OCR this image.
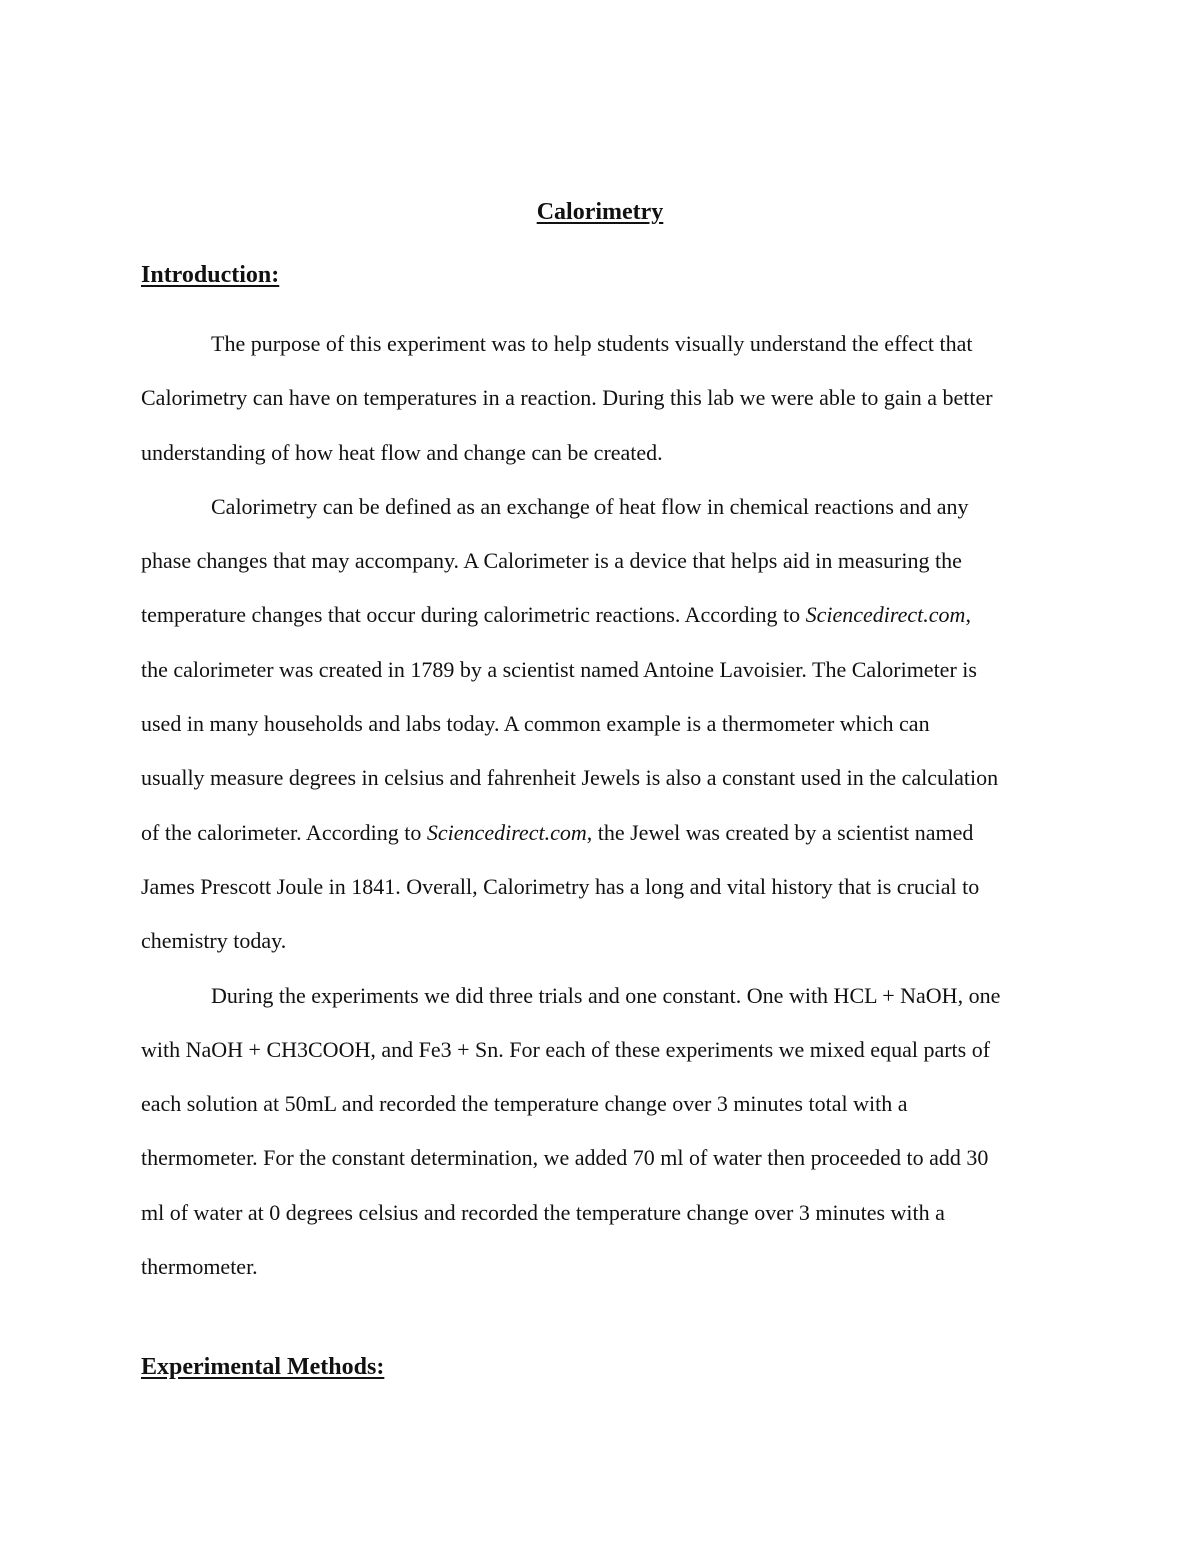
Calorimetry
Introduction:
The purpose of this experiment was to help students visually understand the effect that
Calorimetry can have on temperatures in a reaction. During this lab we were able to gain a better
understanding of how heat flow and change can be created.
Calorimetry can be defined as an exchange of heat flow in chemical reactions and any
phase changes that may accompany. A Calorimeter is a device that helps aid in measuring the
temperature changes that occur during calorimetric reactions. According to Sciencedirect.com,
the calorimeter was created in 1789 by a scientist named Antoine Lavoisier. The Calorimeter is
used in many households and labs today. A common example is a thermometer which can
usually measure degrees in celsius and fahrenheit Jewels is also a constant used in the calculation
of the calorimeter. According to Sciencedirect.com, the Jewel was created by a scientist named
James Prescott Joule in 1841. Overall, Calorimetry has a long and vital history that is crucial to
chemistry today.
During the experiments we did three trials and one constant. One with HCL + NaOH, one
with NaOH + CH3COOH, and Fe3 + Sn. For each of these experiments we mixed equal parts of
each solution at 50mL and recorded the temperature change over 3 minutes total with a
thermometer. For the constant determination, we added 70 ml of water then proceeded to add 30
ml of water at 0 degrees celsius and recorded the temperature change over 3 minutes with a
thermometer.
Experimental Methods:
